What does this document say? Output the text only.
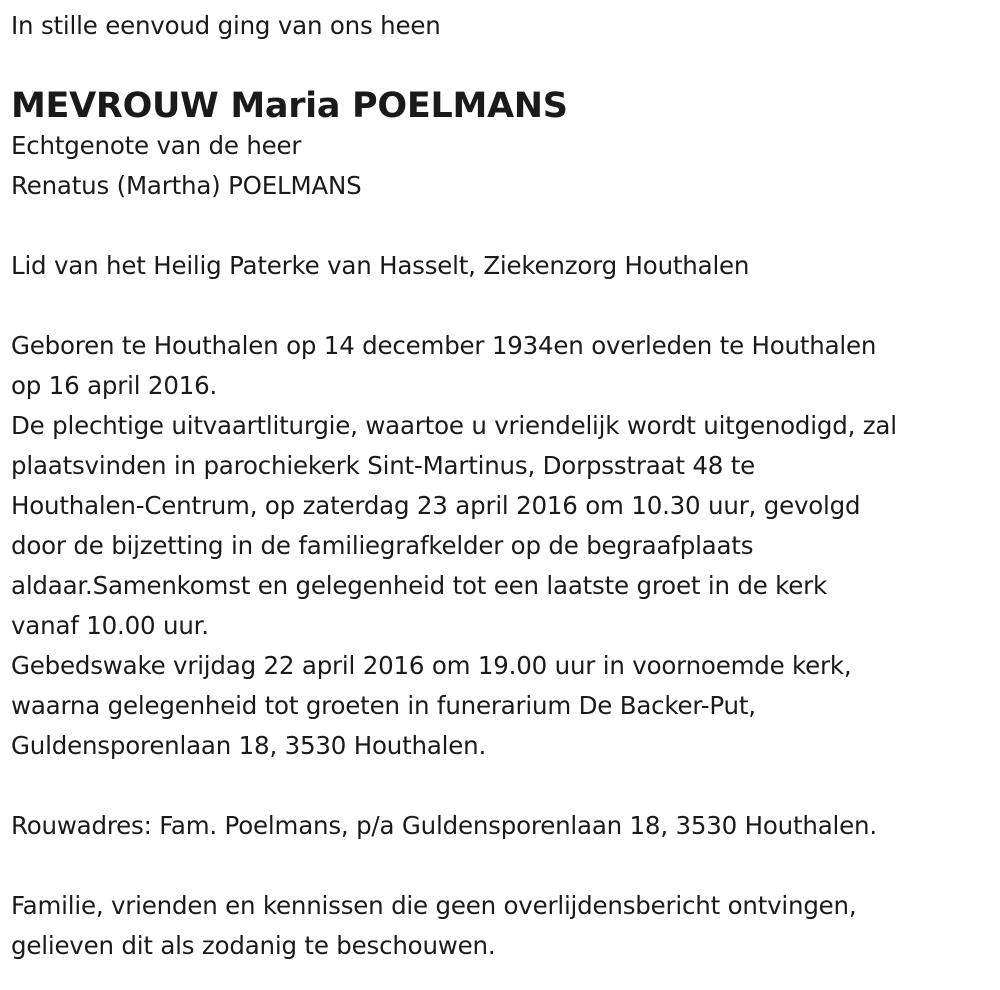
In stille eenvoud ging van ons heen
MEVROUW Maria POELMANS
Echtgenote van de heer
Renatus (Martha) POELMANS
Lid van het Heilig Paterke van Hasselt, Ziekenzorg Houthalen
Geboren te Houthalen op 14 december 1934en overleden te Houthalen
op 16 april 2016.
De plechtige uitvaartliturgie, waartoe u vriendelijk wordt uitgenodigd, zal
plaatsvinden in parochiekerk Sint-Martinus, Dorpsstraat 48 te
Houthalen-Centrum, op zaterdag 23 april 2016 om 10.30 uur, gevolgd
door de bijzetting in de familiegrafkelder op de begraafplaats
aldaar.Samenkomst en gelegenheid tot een laatste groet in de kerk
vanaf 10.00 uur.
Gebedswake vrijdag 22 april 2016 om 19.00 uur in voornoemde kerk,
waarna gelegenheid tot groeten in funerarium De Backer-Put,
Guldensporenlaan 18, 3530 Houthalen.
Rouwadres: Fam. Poelmans, p/a Guldensporenlaan 18, 3530 Houthalen.
Familie, vrienden en kennissen die geen overlijdensbericht ontvingen,
gelieven dit als zodanig te beschouwen.
